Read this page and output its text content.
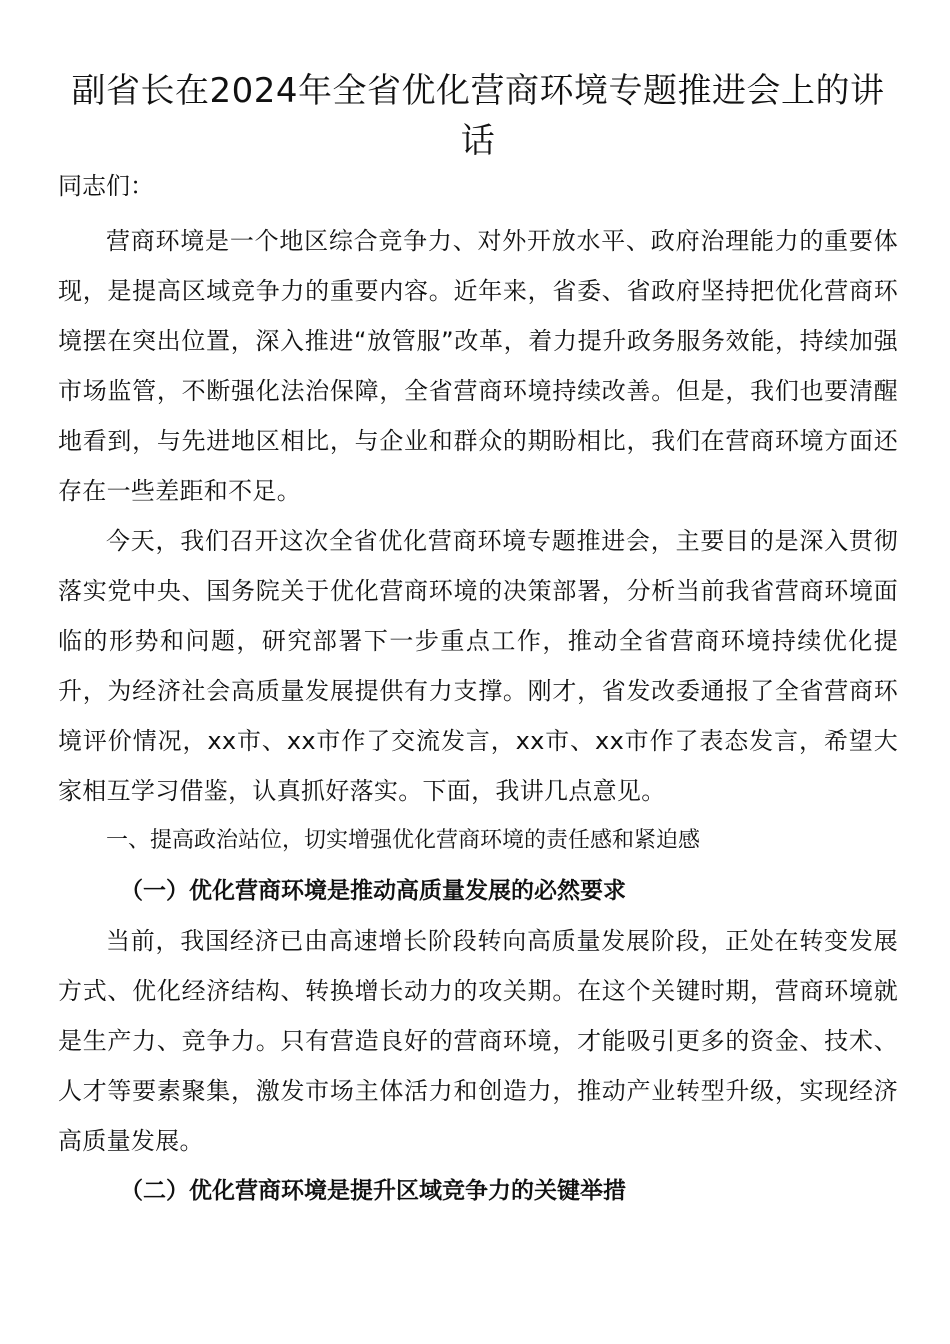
副省长在2024年全省优化营商环境专题推进会上的讲话

同志们：

营商环境是一个地区综合竞争力、对外开放水平、政府治理能力的重要体现，是提高区域竞争力的重要内容。近年来，省委、省政府坚持把优化营商环境摆在突出位置，深入推进“放管服”改革，着力提升政务服务效能，持续加强市场监管，不断强化法治保障，全省营商环境持续改善。但是，我们也要清醒地看到，与先进地区相比，与企业和群众的期盼相比，我们在营商环境方面还存在一些差距和不足。

今天，我们召开这次全省优化营商环境专题推进会，主要目的是深入贯彻落实党中央、国务院关于优化营商环境的决策部署，分析当前我省营商环境面临的形势和问题，研究部署下一步重点工作，推动全省营商环境持续优化提升，为经济社会高质量发展提供有力支撑。刚才，省发改委通报了全省营商环境评价情况，xx市、xx市作了交流发言，xx市、xx市作了表态发言，希望大家相互学习借鉴，认真抓好落实。下面，我讲几点意见。

一、提高政治站位，切实增强优化营商环境的责任感和紧迫感

（一）优化营商环境是推动高质量发展的必然要求

当前，我国经济已由高速增长阶段转向高质量发展阶段，正处在转变发展方式、优化经济结构、转换增长动力的攻关期。在这个关键时期，营商环境就是生产力、竞争力。只有营造良好的营商环境，才能吸引更多的资金、技术、人才等要素聚集，激发市场主体活力和创造力，推动产业转型升级，实现经济高质量发展。

（二）优化营商环境是提升区域竞争力的关键举措
